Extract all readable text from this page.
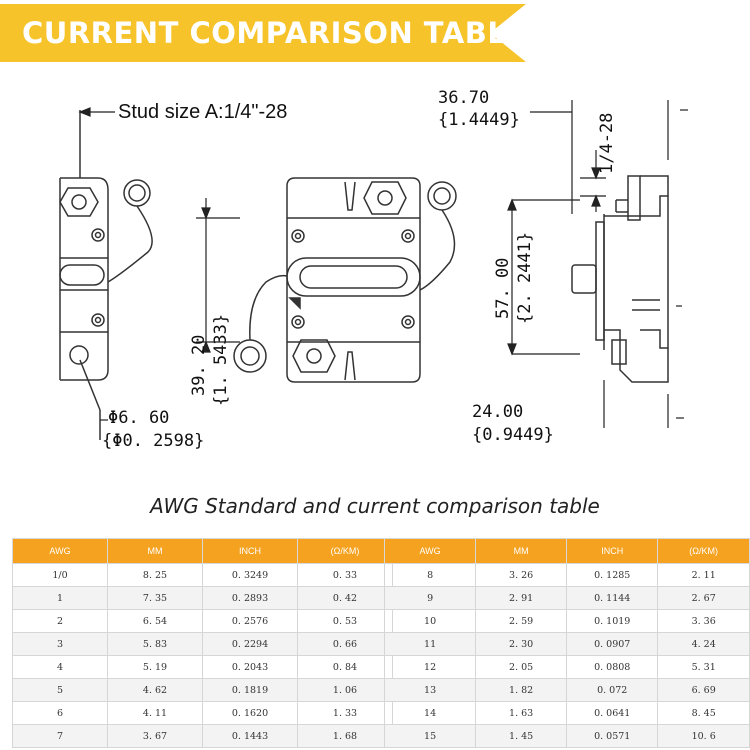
CURRENT COMPARISON TABLE
Stud size A:1/4"-28
Φ6. 60
{Φ0. 2598}
39. 20 {1. 5433}
36.70
{1.4449}	1/4-28
57. 00 {2. 2441}
24.00
{0.9449}
AWG Standard and current comparison table
AWG	MM	INCH	(Ω/KM)
1/0	8. 25	0. 3249	0. 33
1	7. 35	0. 2893	0. 42
2	6. 54	0. 2576	0. 53
3	5. 83	0. 2294	0. 66
4	5. 19	0. 2043	0. 84
5	4. 62	0. 1819	1. 06
6	4. 11	0. 1620	1. 33
7	3. 67	0. 1443	1. 68
AWG	MM	INCH	(Ω/KM)
8	3. 26	0. 1285	2. 11
9	2. 91	0. 1144	2. 67
10	2. 59	0. 1019	3. 36
11	2. 30	0. 0907	4. 24
12	2. 05	0. 0808	5. 31
13	1. 82	0. 072	6. 69
14	1. 63	0. 0641	8. 45
15	1. 45	0. 0571	10. 6
